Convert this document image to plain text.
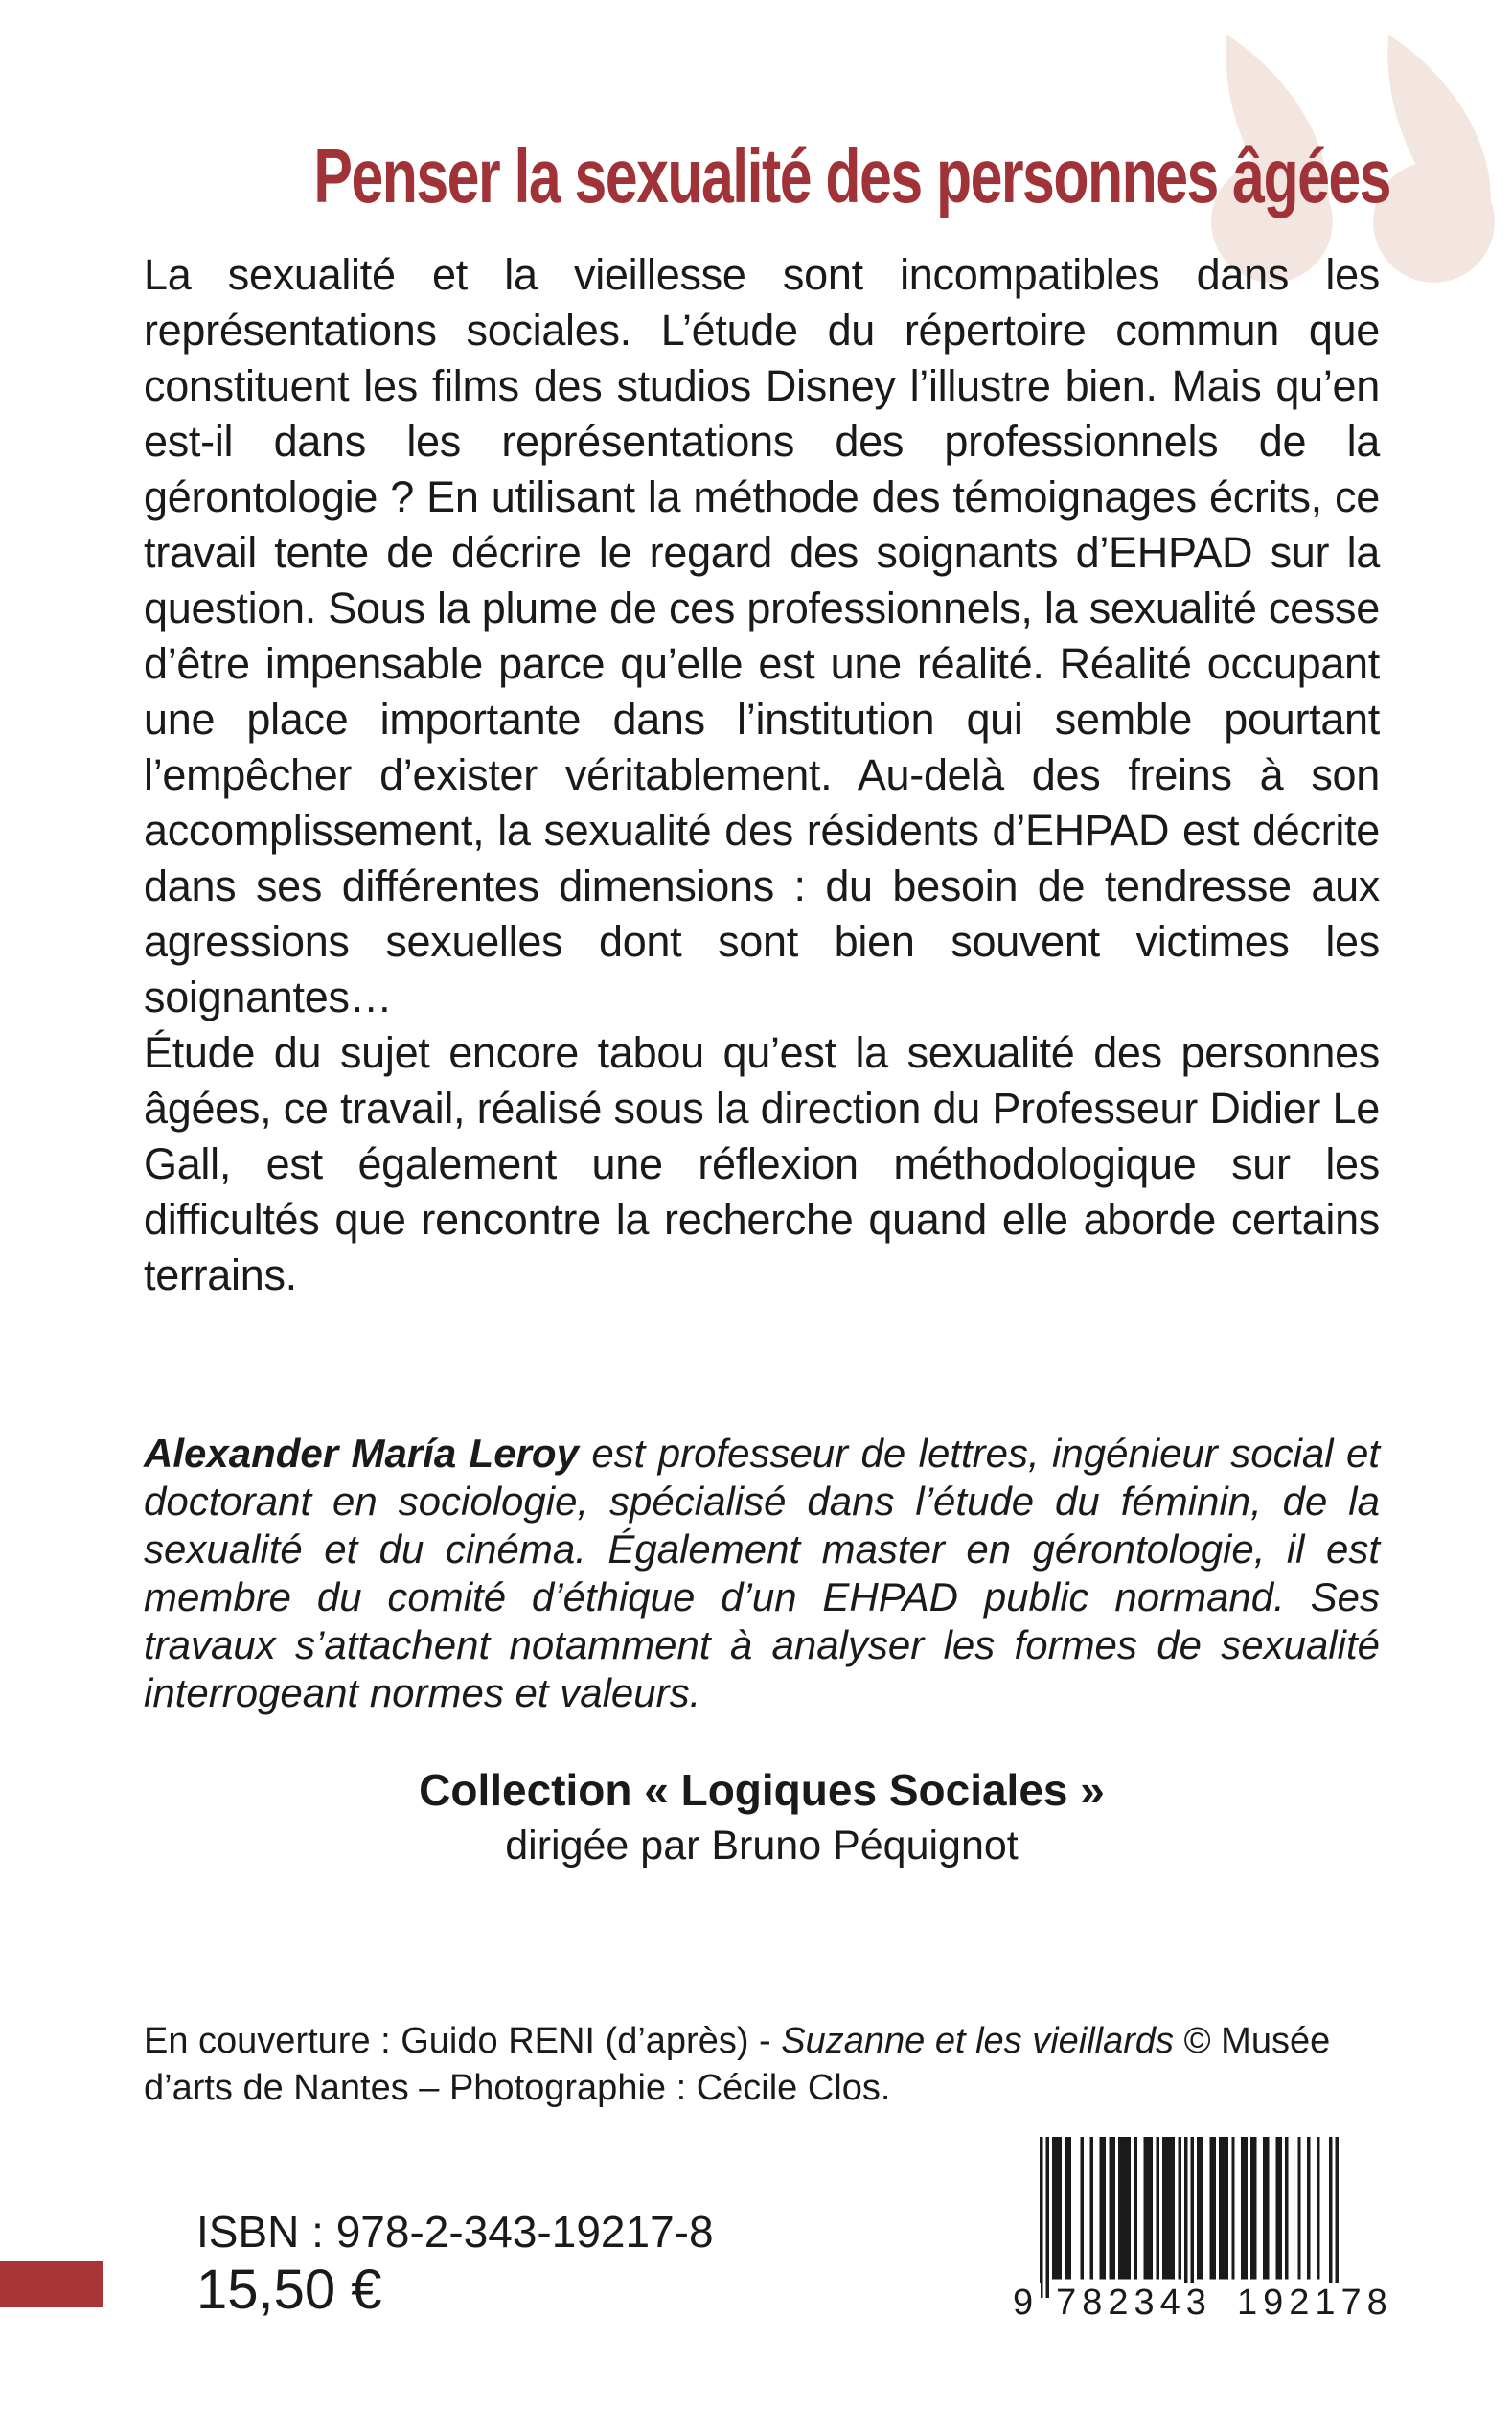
Penser la sexualité des personnes âgées

La sexualité et la vieillesse sont incompatibles dans les représentations sociales. L’étude du répertoire commun que constituent les films des studios Disney l’illustre bien. Mais qu’en est-il dans les représentations des professionnels de la gérontologie ? En utilisant la méthode des témoignages écrits, ce travail tente de décrire le regard des soignants d’EHPAD sur la question. Sous la plume de ces professionnels, la sexualité cesse d’être impensable parce qu’elle est une réalité. Réalité occupant une place importante dans l’institution qui semble pourtant l’empêcher d’exister véritablement. Au-delà des freins à son accomplissement, la sexualité des résidents d’EHPAD est décrite dans ses différentes dimensions : du besoin de tendresse aux agressions sexuelles dont sont bien souvent victimes les soignantes…

Étude du sujet encore tabou qu’est la sexualité des personnes âgées, ce travail, réalisé sous la direction du Professeur Didier Le Gall, est également une réflexion méthodologique sur les difficultés que rencontre la recherche quand elle aborde certains terrains.

Alexander María Leroy est professeur de lettres, ingénieur social et doctorant en sociologie, spécialisé dans l’étude du féminin, de la sexualité et du cinéma. Également master en gérontologie, il est membre du comité d’éthique d’un EHPAD public normand. Ses travaux s’attachent notamment à analyser les formes de sexualité interrogeant normes et valeurs.
Collection « Logiques Sociales »
dirigée par Bruno Péquignot
En couverture : Guido RENI (d’après) - Suzanne et les vieillards © Musée d’arts de Nantes – Photographie : Cécile Clos.
ISBN : 978-2-343-19217-8
15,50 €	9 782343 192178
